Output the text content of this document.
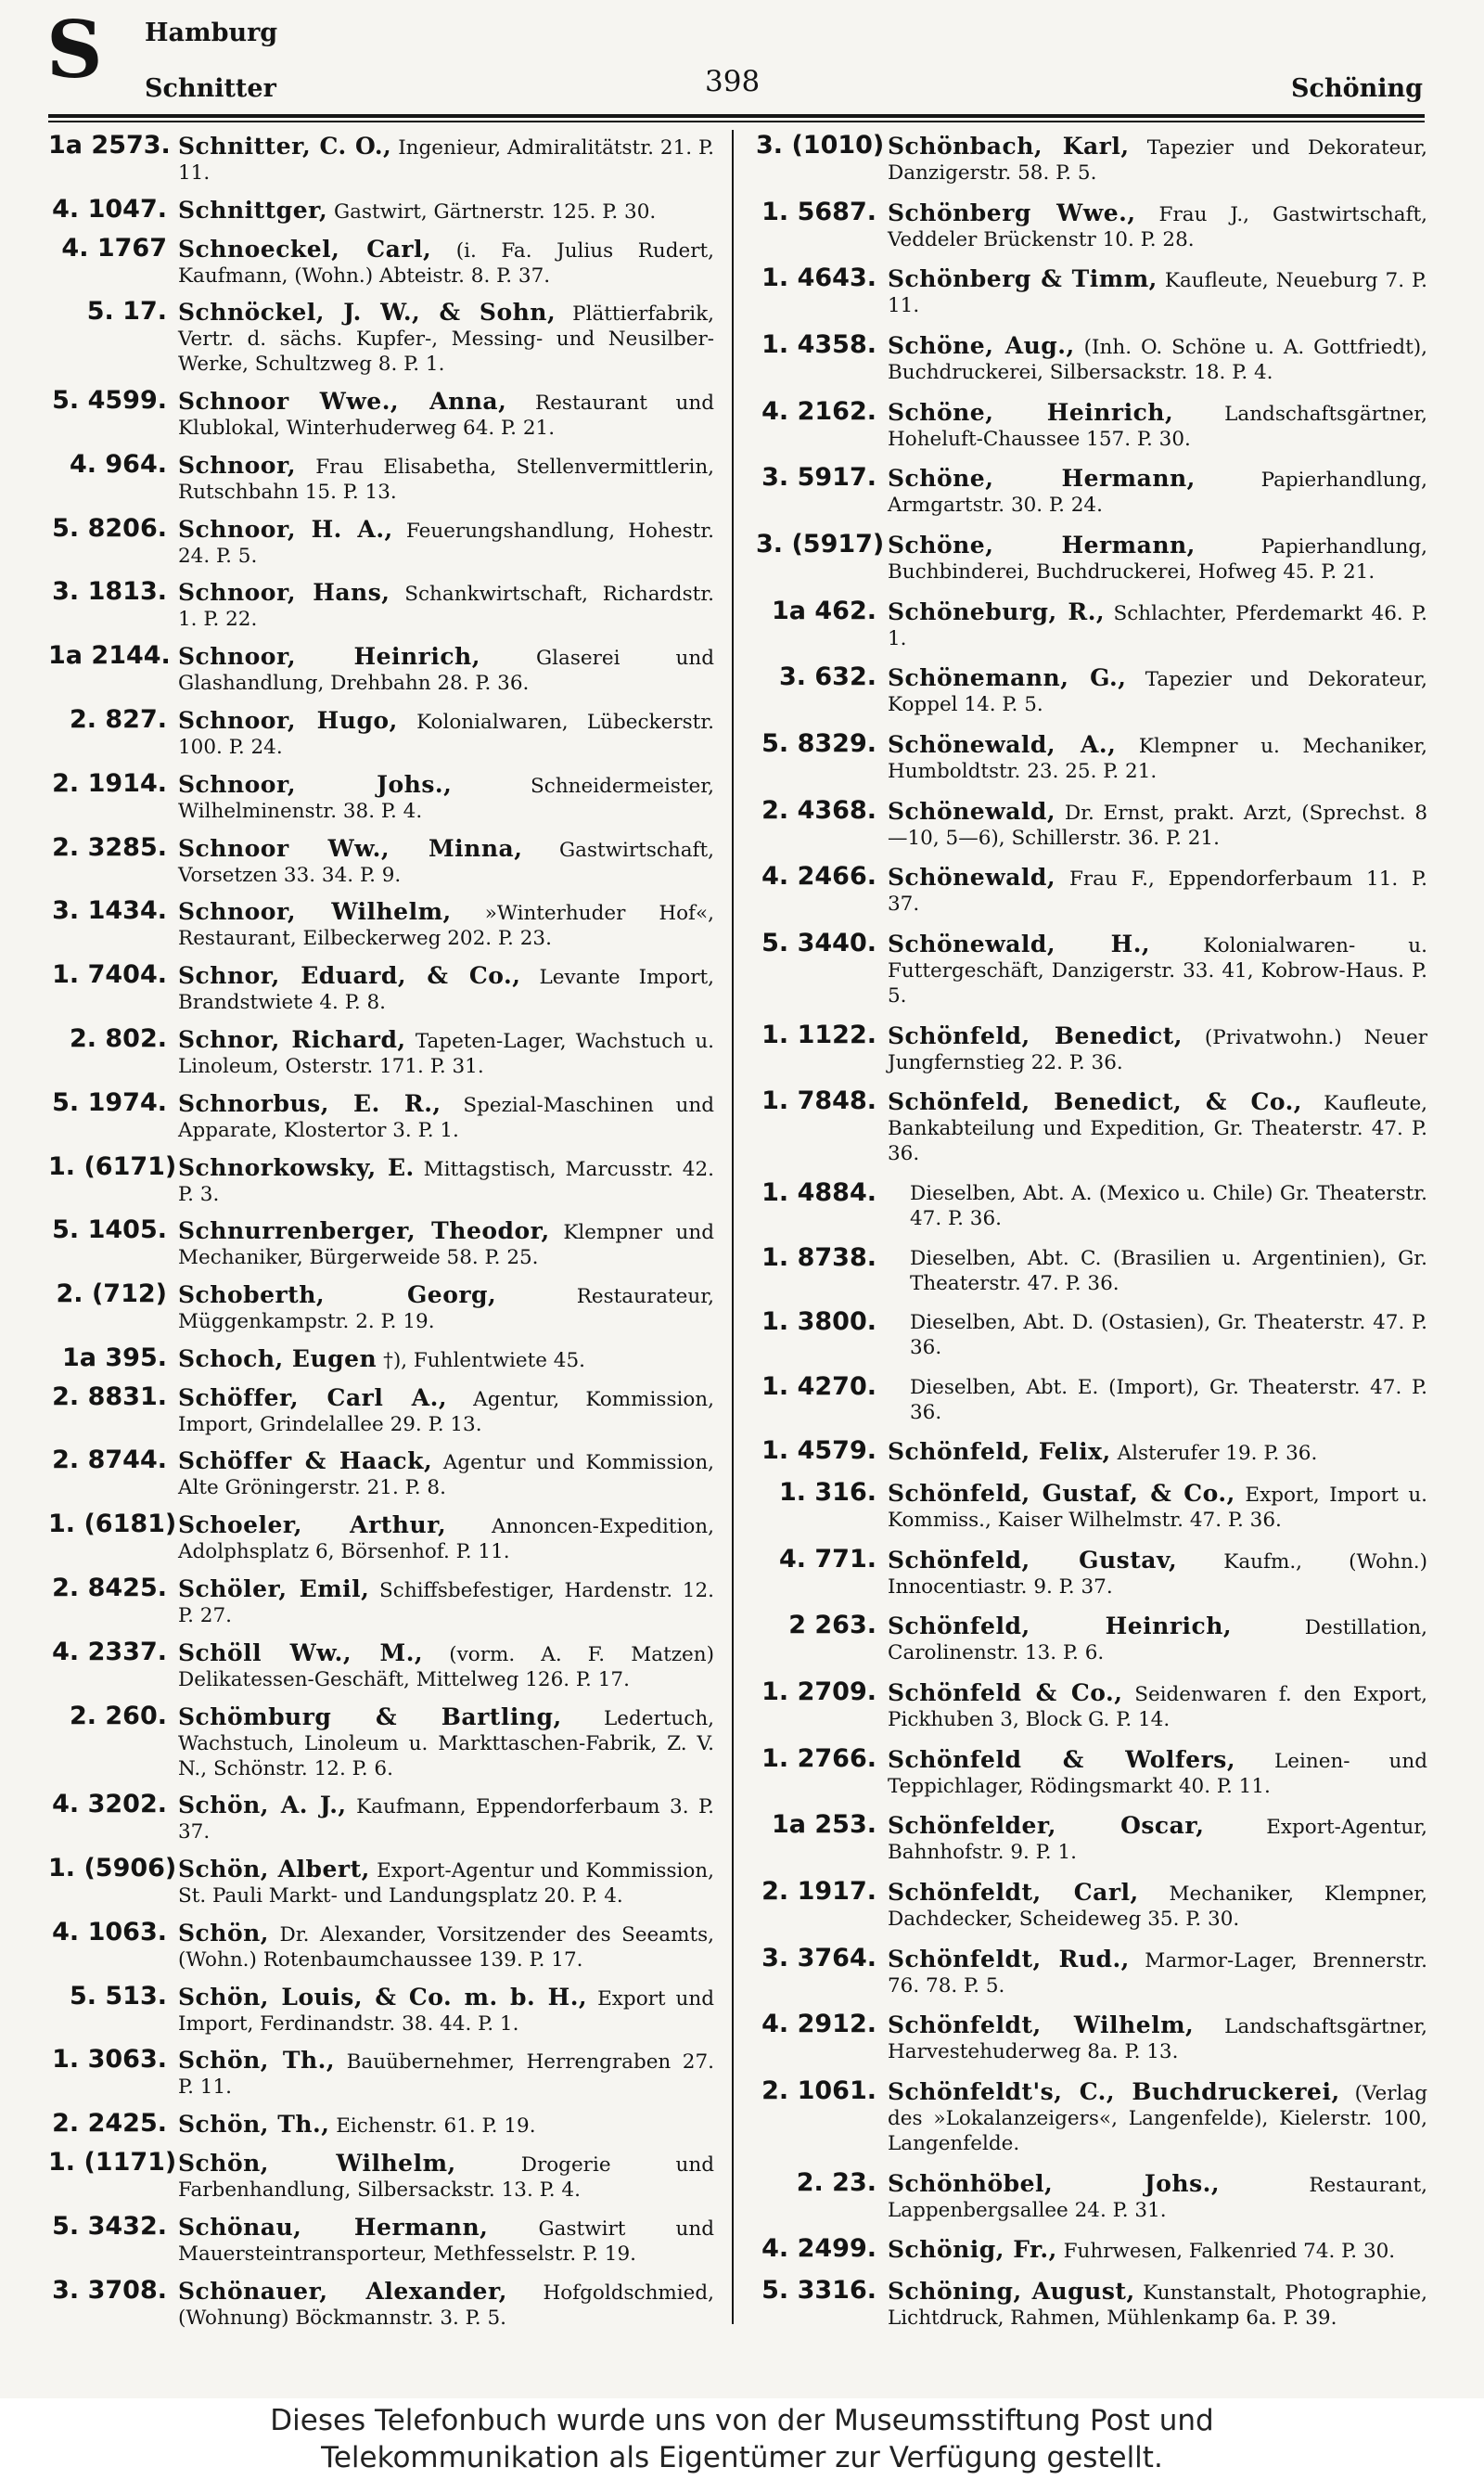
S Hamburg
Schnitter	398	Schöning
1a 2573. Schnitter, C. O., Ingenieur, Admiralitätstr. 21. P. 11.
4. 1047. Schnittger, Gastwirt, Gärtnerstr. 125. P. 30.
4. 1767 Schnoeckel, Carl, (i. Fa. Julius Rudert, Kaufmann, (Wohn.) Abteistr. 8. P. 37.
5. 17. Schnöckel, J. W., & Sohn, Plättierfabrik, Vertr. d. sächs. Kupfer-, Messing- und Neusilber-Werke, Schultzweg 8. P. 1.
5. 4599. Schnoor Wwe., Anna, Restaurant und Klublokal, Winterhuderweg 64. P. 21.
4. 964. Schnoor, Frau Elisabetha, Stellenvermittlerin, Rutschbahn 15. P. 13.
5. 8206. Schnoor, H. A., Feuerungshandlung, Hohestr. 24. P. 5.
3. 1813. Schnoor, Hans, Schankwirtschaft, Richardstr. 1. P. 22.
1a 2144. Schnoor, Heinrich, Glaserei und Glashandlung, Drehbahn 28. P. 36.
2. 827. Schnoor, Hugo, Kolonialwaren, Lübeckerstr. 100. P. 24.
2. 1914. Schnoor, Johs., Schneidermeister, Wilhelminenstr. 38. P. 4.
2. 3285. Schnoor Ww., Minna, Gastwirtschaft, Vorsetzen 33. 34. P. 9.
3. 1434. Schnoor, Wilhelm, »Winterhuder Hof«, Restaurant, Eilbeckerweg 202. P. 23.
1. 7404. Schnor, Eduard, & Co., Levante Import, Brandstwiete 4. P. 8.
2. 802. Schnor, Richard, Tapeten-Lager, Wachstuch u. Linoleum, Osterstr. 171. P. 31.
5. 1974. Schnorbus, E. R., Spezial-Maschinen und Apparate, Klostertor 3. P. 1.
1. (6171) Schnorkowsky, E. Mittagstisch, Marcusstr. 42. P. 3.
5. 1405. Schnurrenberger, Theodor, Klempner und Mechaniker, Bürgerweide 58. P. 25.
2. (712) Schoberth, Georg, Restaurateur, Müggenkampstr. 2. P. 19.
1a 395. Schoch, Eugen †), Fuhlentwiete 45.
2. 8831. Schöffer, Carl A., Agentur, Kommission, Import, Grindelallee 29. P. 13.
2. 8744. Schöffer & Haack, Agentur und Kommission, Alte Gröningerstr. 21. P. 8.
1. (6181) Schoeler, Arthur, Annoncen-Expedition, Adolphsplatz 6, Börsenhof. P. 11.
2. 8425. Schöler, Emil, Schiffsbefestiger, Hardenstr. 12. P. 27.
4. 2337. Schöll Ww., M., (vorm. A. F. Matzen) Delikatessen-Geschäft, Mittelweg 126. P. 17.
2. 260. Schömburg & Bartling, Ledertuch, Wachstuch, Linoleum u. Markttaschen-Fabrik, Z. V. N., Schönstr. 12. P. 6.
4. 3202. Schön, A. J., Kaufmann, Eppendorferbaum 3. P. 37.
1. (5906) Schön, Albert, Export-Agentur und Kommission, St. Pauli Markt- und Landungsplatz 20. P. 4.
4. 1063. Schön, Dr. Alexander, Vorsitzender des Seeamts, (Wohn.) Rotenbaumchaussee 139. P. 17.
5. 513. Schön, Louis, & Co. m. b. H., Export und Import, Ferdinandstr. 38. 44. P. 1.
1. 3063. Schön, Th., Bauübernehmer, Herrengraben 27. P. 11.
2. 2425. Schön, Th., Eichenstr. 61. P. 19.
1. (1171) Schön, Wilhelm, Drogerie und Farbenhandlung, Silbersackstr. 13. P. 4.
5. 3432. Schönau, Hermann, Gastwirt und Mauersteintransporteur, Methfesselstr. P. 19.
3. 3708. Schönauer, Alexander, Hofgoldschmied, (Wohnung) Böckmannstr. 3. P. 5.
3. (1010) Schönbach, Karl, Tapezier und Dekorateur, Danzigerstr. 58. P. 5.
1. 5687. Schönberg Wwe., Frau J., Gastwirtschaft, Veddeler Brückenstr 10. P. 28.
1. 4643. Schönberg & Timm, Kaufleute, Neueburg 7. P. 11.
1. 4358. Schöne, Aug., (Inh. O. Schöne u. A. Gottfriedt), Buchdruckerei, Silbersackstr. 18. P. 4.
4. 2162. Schöne, Heinrich, Landschaftsgärtner, Hoheluft-Chaussee 157. P. 30.
3. 5917. Schöne, Hermann, Papierhandlung, Armgartstr. 30. P. 24.
3. (5917) Schöne, Hermann, Papierhandlung, Buchbinderei, Buchdruckerei, Hofweg 45. P. 21.
1a 462. Schöneburg, R., Schlachter, Pferdemarkt 46. P. 1.
3. 632. Schönemann, G., Tapezier und Dekorateur, Koppel 14. P. 5.
5. 8329. Schönewald, A., Klempner u. Mechaniker, Humboldtstr. 23. 25. P. 21.
2. 4368. Schönewald, Dr. Ernst, prakt. Arzt, (Sprechst. 8—10, 5—6), Schillerstr. 36. P. 21.
4. 2466. Schönewald, Frau F., Eppendorferbaum 11. P. 37.
5. 3440. Schönewald, H., Kolonialwaren- u. Futtergeschäft, Danzigerstr. 33. 41, Kobrow-Haus. P. 5.
1. 1122. Schönfeld, Benedict, (Privatwohn.) Neuer Jungfernstieg 22. P. 36.
1. 7848. Schönfeld, Benedict, & Co., Kaufleute, Bankabteilung und Expedition, Gr. Theaterstr. 47. P. 36.
1. 4884.	Dieselben, Abt. A. (Mexico u. Chile) Gr. Theaterstr. 47. P. 36.
1. 8738.	Dieselben, Abt. C. (Brasilien u. Argentinien), Gr. Theaterstr. 47. P. 36.
1. 3800.	Dieselben, Abt. D. (Ostasien), Gr. Theaterstr. 47. P. 36.
1. 4270.	Dieselben, Abt. E. (Import), Gr. Theaterstr. 47. P. 36.
1. 4579. Schönfeld, Felix, Alsterufer 19. P. 36.
1. 316. Schönfeld, Gustaf, & Co., Export, Import u. Kommiss., Kaiser Wilhelmstr. 47. P. 36.
4. 771. Schönfeld, Gustav, Kaufm., (Wohn.) Innocentiastr. 9. P. 37.
2 263. Schönfeld, Heinrich, Destillation, Carolinenstr. 13. P. 6.
1. 2709. Schönfeld & Co., Seidenwaren f. den Export, Pickhuben 3, Block G. P. 14.
1. 2766. Schönfeld & Wolfers, Leinen- und Teppichlager, Rödingsmarkt 40. P. 11.
1a 253. Schönfelder, Oscar, Export-Agentur, Bahnhofstr. 9. P. 1.
2. 1917. Schönfeldt, Carl, Mechaniker, Klempner, Dachdecker, Scheideweg 35. P. 30.
3. 3764. Schönfeldt, Rud., Marmor-Lager, Brennerstr. 76. 78. P. 5.
4. 2912. Schönfeldt, Wilhelm, Landschaftsgärtner, Harvestehuderweg 8a. P. 13.
2. 1061. Schönfeldt's, C., Buchdruckerei, (Verlag des »Lokalanzeigers«, Langenfelde), Kielerstr. 100, Langenfelde.
2. 23. Schönhöbel, Johs., Restaurant, Lappenbergsallee 24. P. 31.
4. 2499. Schönig, Fr., Fuhrwesen, Falkenried 74. P. 30.
5. 3316. Schöning, August, Kunstanstalt, Photographie, Lichtdruck, Rahmen, Mühlenkamp 6a. P. 39.
Dieses Telefonbuch wurde uns von der Museumsstiftung Post und
Telekommunikation als Eigentümer zur Verfügung gestellt.
